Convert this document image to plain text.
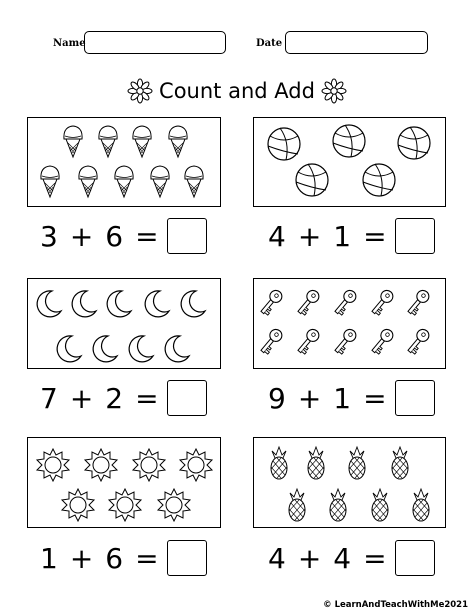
Name	Date
Count and Add
3 + 6 =	4 + 1 =
7 + 2 =	9 + 1 =
1 + 6 =	4 + 4 =
© LearnAndTeachWithMe2021
